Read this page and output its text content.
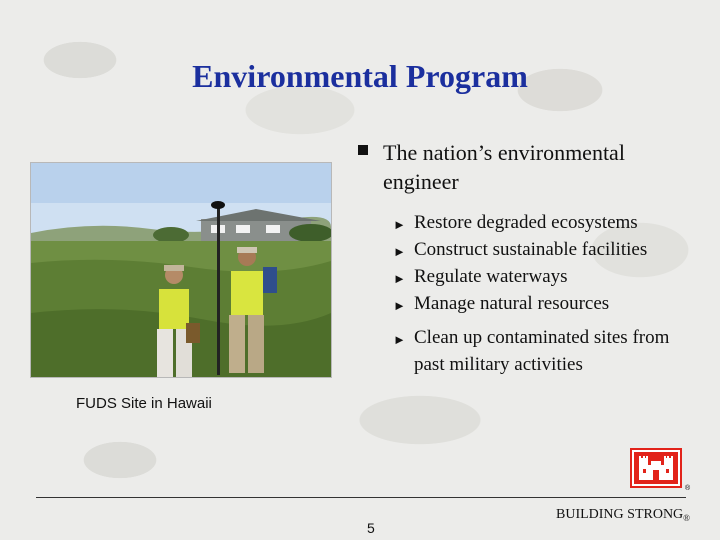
Environmental Program
FUDS Site in Hawaii
The nation’s environmental engineer
► Restore degraded ecosystems
► Construct sustainable facilities
► Regulate waterways
► Manage natural resources
► Clean up contaminated sites from past military activities
®
5
BUILDING $STRONG_®$
